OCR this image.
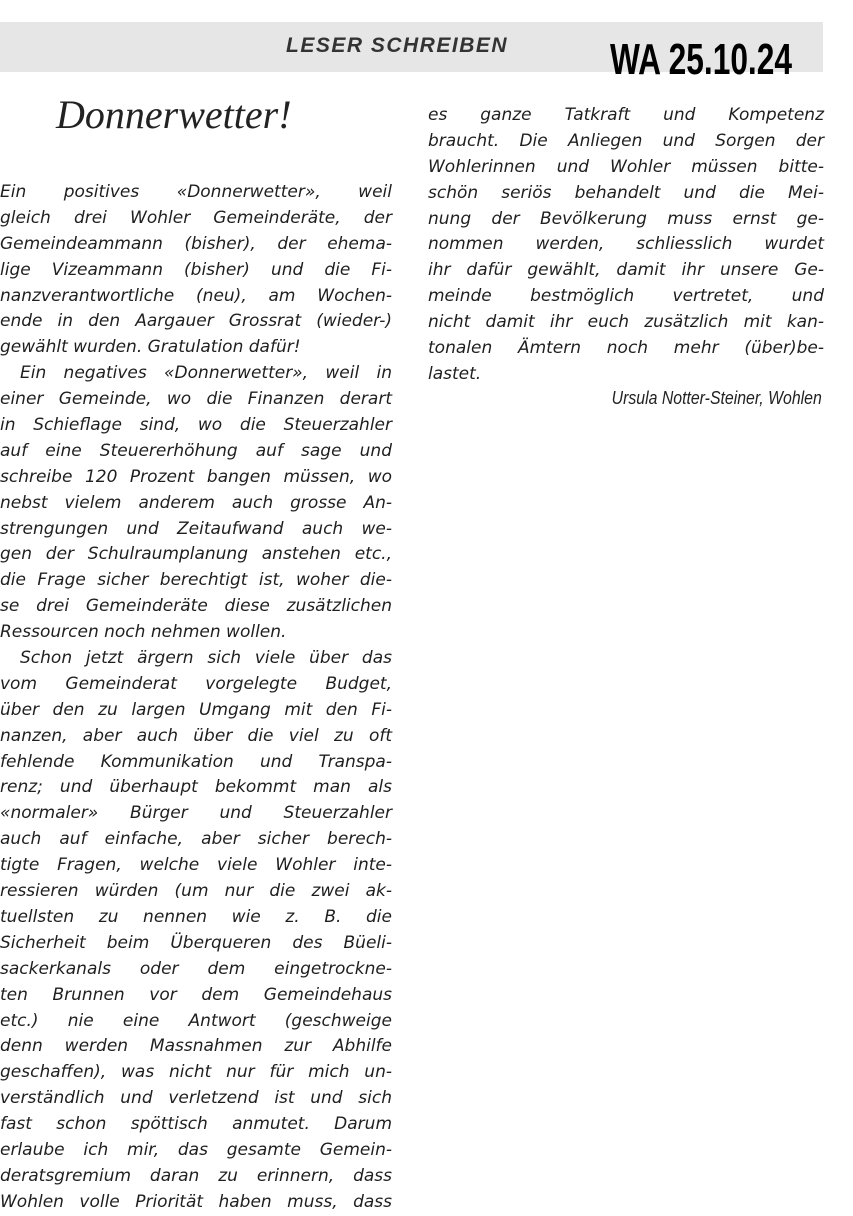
LESER SCHREIBEN WA 25.10.24
Donnerwetter!
Ein positives «Donnerwetter», weil
gleich drei Wohler Gemeinderäte, der
Gemeindeammann (bisher), der ehema-
lige Vizeammann (bisher) und die Fi-
nanzverantwortliche (neu), am Wochen-
ende in den Aargauer Grossrat (wieder-)
gewählt wurden. Gratulation dafür!
Ein negatives «Donnerwetter», weil in
einer Gemeinde, wo die Finanzen derart
in Schieflage sind, wo die Steuerzahler
auf eine Steuererhöhung auf sage und
schreibe 120 Prozent bangen müssen, wo
nebst vielem anderem auch grosse An-
strengungen und Zeitaufwand auch we-
gen der Schulraumplanung anstehen etc.,
die Frage sicher berechtigt ist, woher die-
se drei Gemeinderäte diese zusätzlichen
Ressourcen noch nehmen wollen.
Schon jetzt ärgern sich viele über das
vom Gemeinderat vorgelegte Budget,
über den zu largen Umgang mit den Fi-
nanzen, aber auch über die viel zu oft
fehlende Kommunikation und Transpa-
renz; und überhaupt bekommt man als
«normaler» Bürger und Steuerzahler
auch auf einfache, aber sicher berech-
tigte Fragen, welche viele Wohler inte-
ressieren würden (um nur die zwei ak-
tuellsten zu nennen wie z. B. die
Sicherheit beim Überqueren des Büeli-
sackerkanals oder dem eingetrockne-
ten Brunnen vor dem Gemeindehaus
etc.) nie eine Antwort (geschweige
denn werden Massnahmen zur Abhilfe
geschaffen), was nicht nur für mich un-
verständlich und verletzend ist und sich
fast schon spöttisch anmutet. Darum
erlaube ich mir, das gesamte Gemein-
deratsgremium daran zu erinnern, dass
Wohlen volle Priorität haben muss, dass
es ganze Tatkraft und Kompetenz
braucht. Die Anliegen und Sorgen der
Wohlerinnen und Wohler müssen bitte-
schön seriös behandelt und die Mei-
nung der Bevölkerung muss ernst ge-
nommen werden, schliesslich wurdet
ihr dafür gewählt, damit ihr unsere Ge-
meinde bestmöglich vertretet, und
nicht damit ihr euch zusätzlich mit kan-
tonalen Ämtern noch mehr (über)be-
lastet.
Ursula Notter-Steiner, Wohlen
